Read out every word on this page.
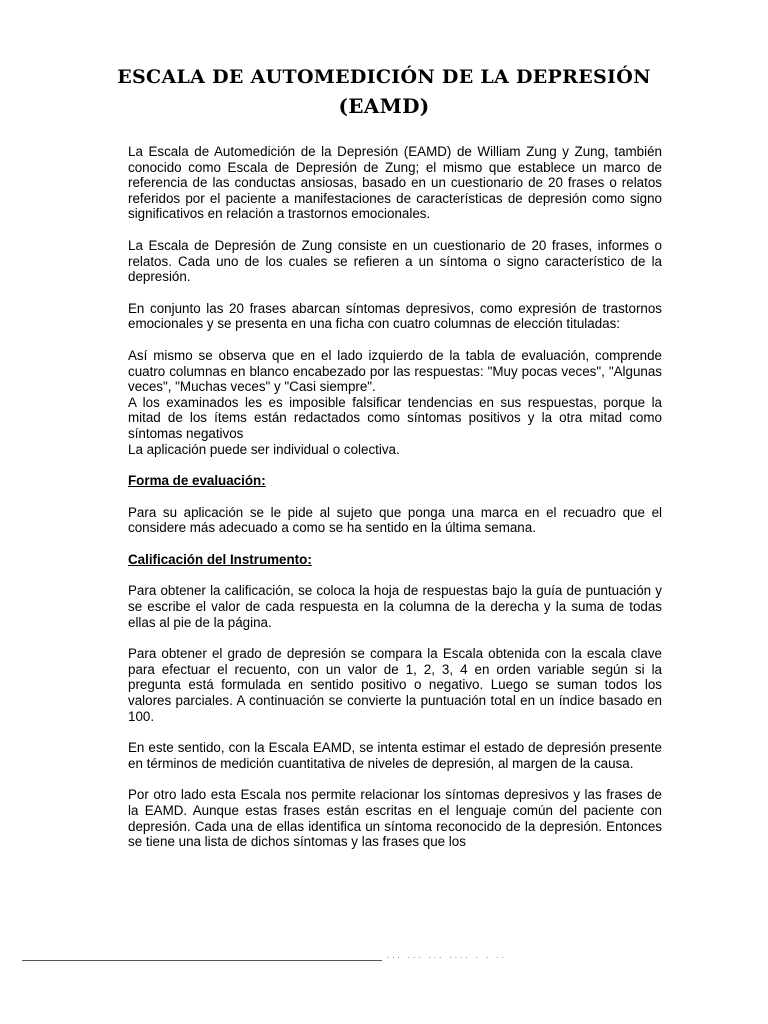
ESCALA DE AUTOMEDICIÓN DE LA DEPRESIÓN
(EAMD)

La Escala de Automedición de la Depresión (EAMD) de William Zung y Zung, también conocido como Escala de Depresión de Zung; el mismo que establece un marco de referencia de las conductas ansiosas, basado en un cuestionario de 20 frases o relatos referidos por el paciente a manifestaciones de características de depresión como signo significativos en relación a trastornos emocionales.

La Escala de Depresión de Zung consiste en un cuestionario de 20 frases, informes o relatos. Cada uno de los cuales se refieren a un síntoma o signo característico de la depresión.

En conjunto las 20 frases abarcan síntomas depresivos, como expresión de trastornos emocionales y se presenta en una ficha con cuatro columnas de elección tituladas:

Así mismo se observa que en el lado izquierdo de la tabla de evaluación, comprende cuatro columnas en blanco encabezado por las respuestas: "Muy pocas veces", "Algunas veces", "Muchas veces" y "Casi siempre".

A los examinados les es imposible falsificar tendencias en sus respuestas, porque la mitad de los ítems están redactados como síntomas positivos y la otra mitad como síntomas negativos

La aplicación puede ser individual o colectiva.

Forma de evaluación:

Para su aplicación se le pide al sujeto que ponga una marca en el recuadro que el considere más adecuado a como se ha sentido en la última semana.

Calificación del Instrumento:

Para obtener la calificación, se coloca la hoja de respuestas bajo la guía de puntuación y se escribe el valor de cada respuesta en la columna de la derecha y la suma de todas ellas al pie de la página.

Para obtener el grado de depresión se compara la Escala obtenida con la escala clave para efectuar el recuento, con un valor de 1, 2, 3, 4 en orden variable según si la pregunta está formulada en sentido positivo o negativo. Luego se suman todos los valores parciales. A continuación se convierte la puntuación total en un índice basado en 100.

En este sentido, con la Escala EAMD, se intenta estimar el estado de depresión presente en términos de medición cuantitativa de niveles de depresión, al margen de la causa.

Por otro lado esta Escala nos permite relacionar los síntomas depresivos y las frases de la EAMD. Aunque estas frases están escritas en el lenguaje común del paciente con depresión. Cada una de ellas identifica un síntoma reconocido de la depresión. Entonces se tiene una lista de dichos síntomas y las frases que los

··· ··· ··· ···· · · ··
